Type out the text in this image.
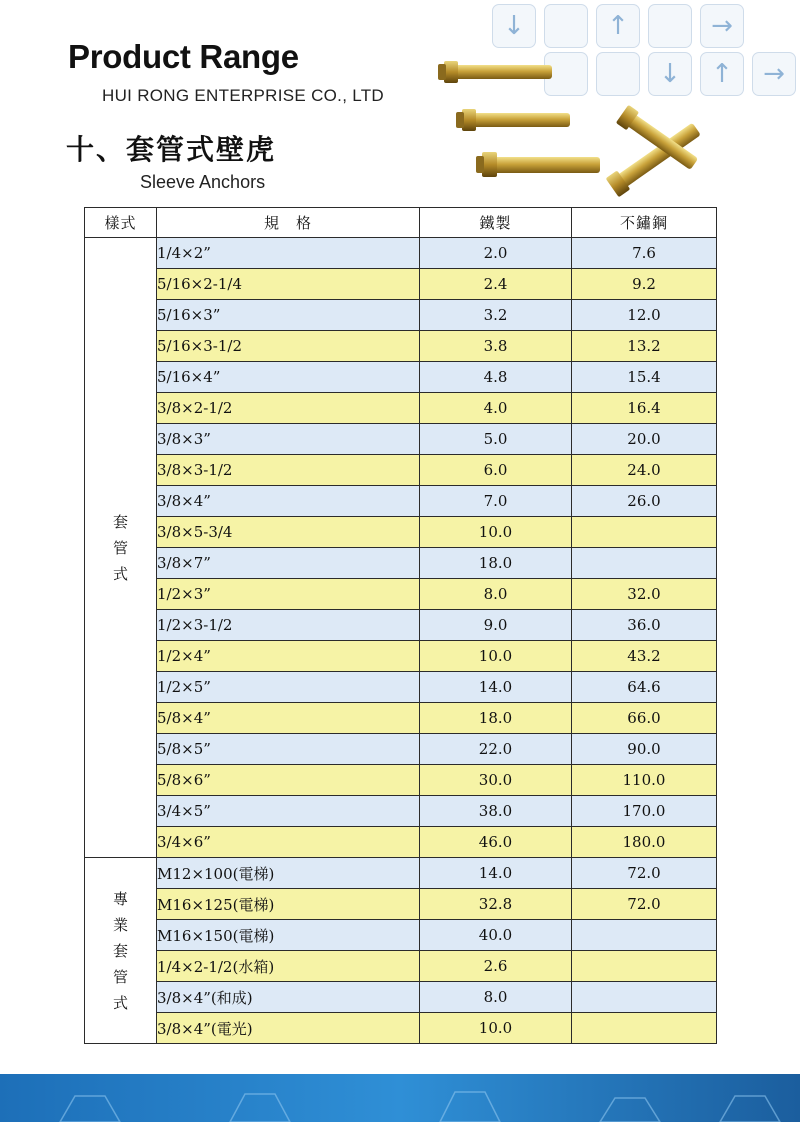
Product Range
HUI RONG ENTERPRISE CO., LTD
十、套管式壁虎
Sleeve Anchors
↓	↑	→
↓	↑	→
樣式	規　格	鐵製	不鏽鋼
套管式	1/4×2”	2.0	7.6
	5/16×2-1/4	2.4	9.2
	5/16×3”	3.2	12.0
	5/16×3-1/2	3.8	13.2
	5/16×4”	4.8	15.4
	3/8×2-1/2	4.0	16.4
	3/8×3”	5.0	20.0
	3/8×3-1/2	6.0	24.0
	3/8×4”	7.0	26.0
	3/8×5-3/4	10.0	
	3/8×7”	18.0	
	1/2×3”	8.0	32.0
	1/2×3-1/2	9.0	36.0
	1/2×4”	10.0	43.2
	1/2×5”	14.0	64.6
	5/8×4”	18.0	66.0
	5/8×5”	22.0	90.0
	5/8×6”	30.0	110.0
	3/4×5”	38.0	170.0
	3/4×6”	46.0	180.0
專業套管式	M12×100(電梯)	14.0	72.0
	M16×125(電梯)	32.8	72.0
	M16×150(電梯)	40.0	
	1/4×2-1/2(水箱)	2.6	
	3/8×4”(和成)	8.0	
	3/8×4”(電光)	10.0	
